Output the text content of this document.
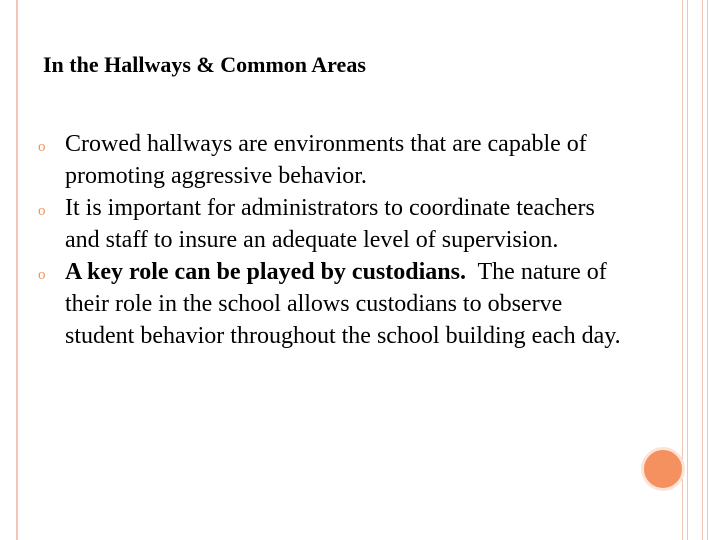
In the Hallways & Common Areas
o Crowed hallways are environments that are capable of promoting aggressive behavior.
o It is important for administrators to coordinate teachers and staff to insure an adequate level of supervision.
o A key role can be played by custodians.  The nature of their role in the school allows custodians to observe student behavior throughout the school building each day.
